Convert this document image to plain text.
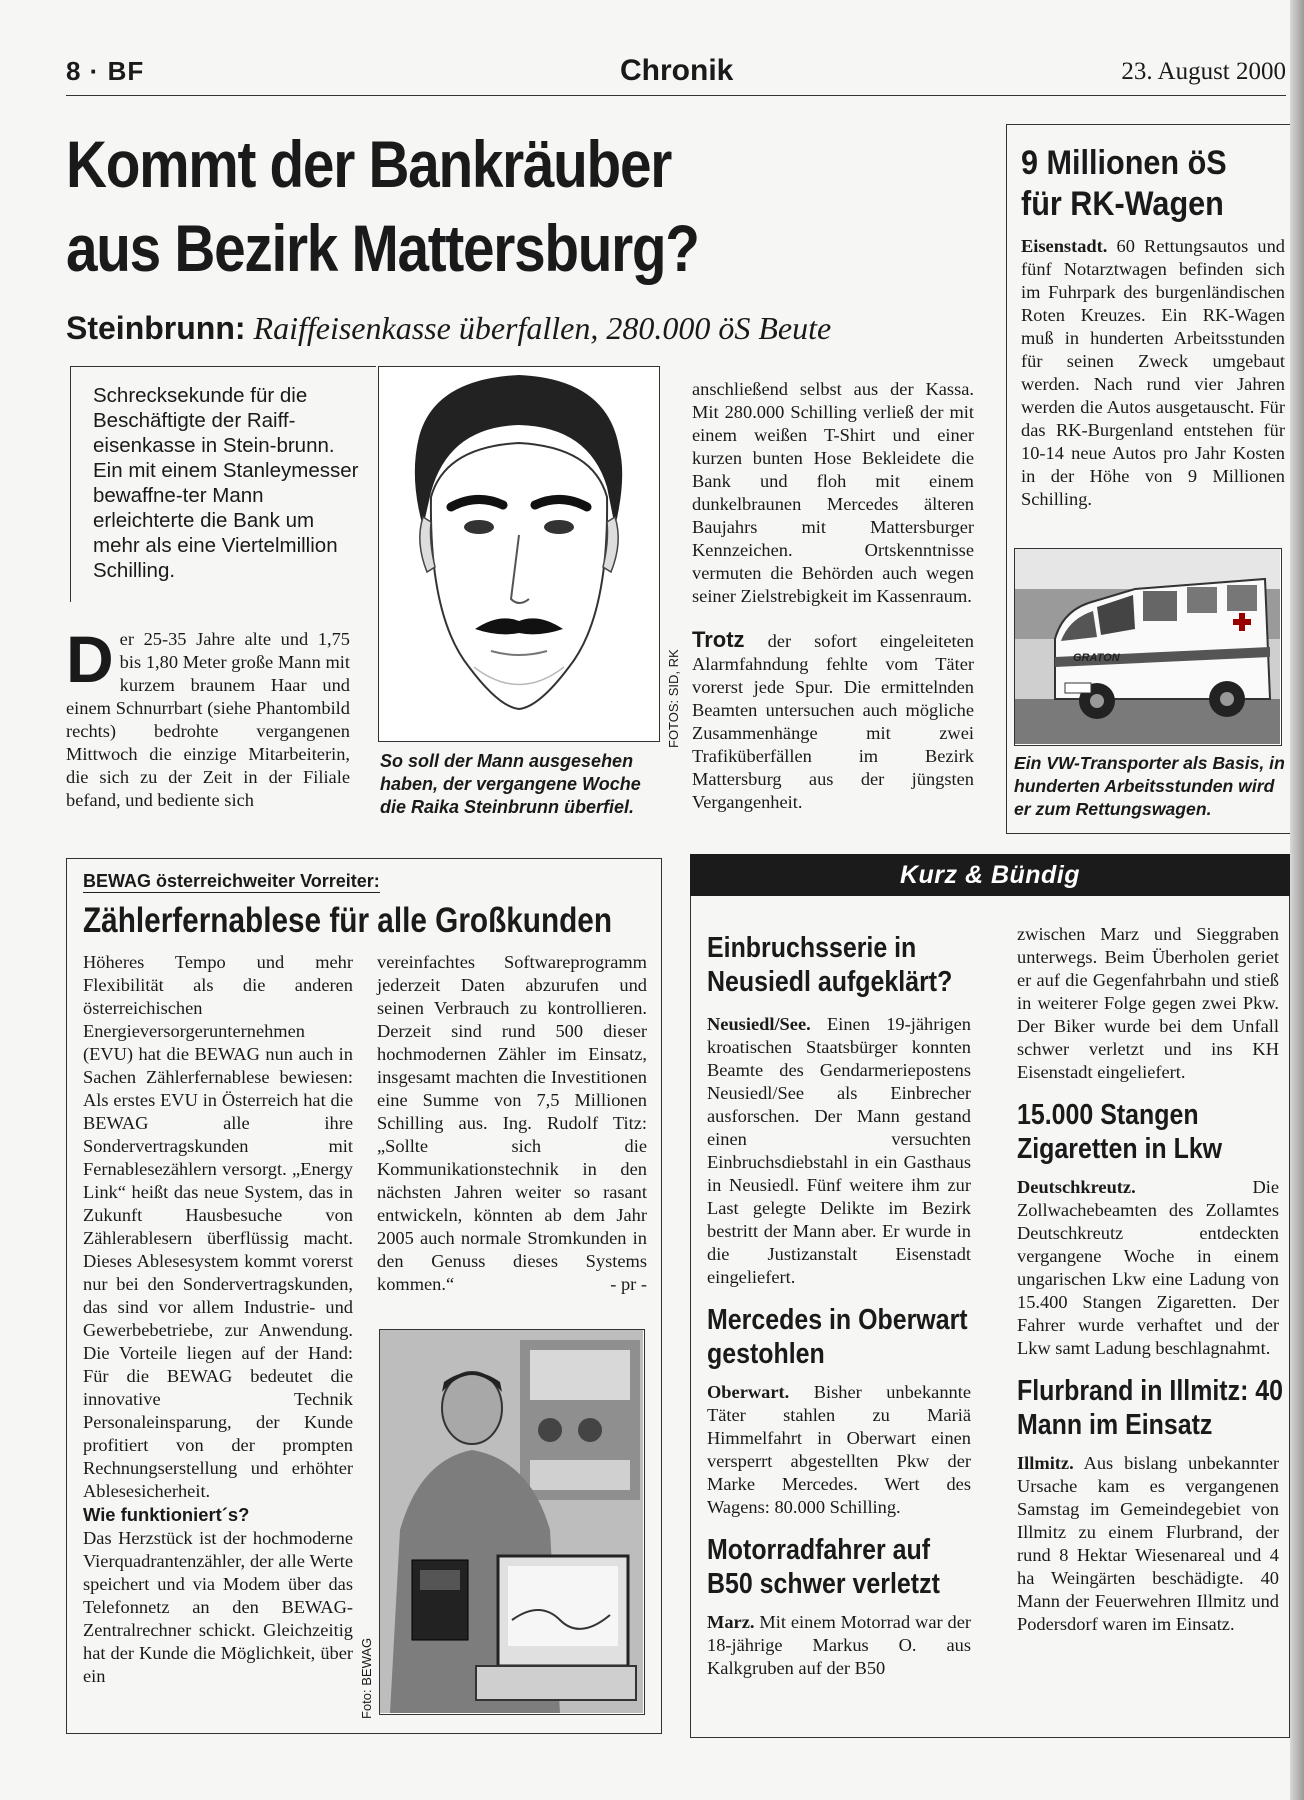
8 · BF	Chronik	23. August 2000
Kommt der Bankräuber
aus Bezirk Mattersburg?
Steinbrunn: Raiffeisenkasse überfallen, 280.000 öS Beute
Schrecksekunde für die Beschäftigte der Raiff-eisenkasse in Stein-brunn. Ein mit einem Stanleymesser bewaffne-ter Mann erleichterte die Bank um mehr als eine Viertelmillion Schilling.
Der 25-35 Jahre alte und 1,75 bis 1,80 Meter große Mann mit kurzem braunem Haar und einem Schnurrbart (siehe Phantombild rechts) bedrohte vergangenen Mittwoch die einzige Mitarbeiterin, die sich zu der Zeit in der Filiale befand, und bediente sich
FOTOS: SID, RK
So soll der Mann ausgesehen haben, der vergangene Woche die Raika Steinbrunn überfiel.
anschließend selbst aus der Kassa. Mit 280.000 Schilling verließ der mit einem weißen T-Shirt und einer kurzen bunten Hose Bekleidete die Bank und floh mit einem dunkelbraunen Mercedes älteren Baujahrs mit Mattersburger Kennzeichen. Ortskenntnisse vermuten die Behörden auch wegen seiner Zielstrebigkeit im Kassenraum.
Trotz der sofort eingeleiteten Alarmfahndung fehlte vom Täter vorerst jede Spur. Die ermittelnden Beamten untersuchen auch mögliche Zusammenhänge mit zwei Trafiküberfällen im Bezirk Mattersburg aus der jüngsten Vergangenheit.
9 Millionen öS für RK-Wagen
Eisenstadt. 60 Rettungsautos und fünf Notarztwagen befinden sich im Fuhrpark des burgenländischen Roten Kreuzes. Ein RK-Wagen muß in hunderten Arbeitsstunden für seinen Zweck umgebaut werden. Nach rund vier Jahren werden die Autos ausgetauscht. Für das RK-Burgenland entstehen für 10-14 neue Autos pro Jahr Kosten in der Höhe von 9 Millionen Schilling.
GRATON
Ein VW-Transporter als Basis, in hunderten Arbeitsstunden wird er zum Rettungswagen.
BEWAG österreichweiter Vorreiter:
Zählerfernablese für alle Großkunden
Höheres Tempo und mehr Flexibilität als die anderen österreichischen Energieversorgerunternehmen (EVU) hat die BEWAG nun auch in Sachen Zählerfernablese bewiesen: Als erstes EVU in Österreich hat die BEWAG alle ihre Sondervertragskunden mit Fernablesezählern versorgt. „Energy Link“ heißt das neue System, das in Zukunft Hausbesuche von Zählerablesern überflüssig macht. Dieses Ablesesystem kommt vorerst nur bei den Sondervertragskunden, das sind vor allem Industrie- und Gewerbebetriebe, zur Anwendung. Die Vorteile liegen auf der Hand: Für die BEWAG bedeutet die innovative Technik Personaleinsparung, der Kunde profitiert von der prompten Rechnungserstellung und erhöhter Ablesesicherheit.
Wie funktioniert´s?
Das Herzstück ist der hochmoderne Vierquadrantenzähler, der alle Werte speichert und via Modem über das Telefonnetz an den BEWAG-Zentralrechner schickt. Gleichzeitig hat der Kunde die Möglichkeit, über ein
vereinfachtes Softwareprogramm jederzeit Daten abzurufen und seinen Verbrauch zu kontrollieren. Derzeit sind rund 500 dieser hochmodernen Zähler im Einsatz, insgesamt machten die Investitionen eine Summe von 7,5 Millionen Schilling aus. Ing. Rudolf Titz: „Sollte sich die Kommunikationstechnik in den nächsten Jahren weiter so rasant entwickeln, könnten ab dem Jahr 2005 auch normale Stromkunden in den Genuss dieses Systems kommen.“	- pr -
Foto: BEWAG
Kurz & Bündig
Einbruchsserie in Neusiedl aufgeklärt?
Neusiedl/See. Einen 19-jährigen kroatischen Staatsbürger konnten Beamte des Gendarmeriepostens Neusiedl/See als Einbrecher ausforschen. Der Mann gestand einen versuchten Einbruchsdiebstahl in ein Gasthaus in Neusiedl. Fünf weitere ihm zur Last gelegte Delikte im Bezirk bestritt der Mann aber. Er wurde in die Justizanstalt Eisenstadt eingeliefert.
Mercedes in Oberwart gestohlen
Oberwart. Bisher unbekannte Täter stahlen zu Mariä Himmelfahrt in Oberwart einen versperrt abgestellten Pkw der Marke Mercedes. Wert des Wagens: 80.000 Schilling.
Motorradfahrer auf B50 schwer verletzt
Marz. Mit einem Motorrad war der 18-jährige Markus O. aus Kalkgruben auf der B50
zwischen Marz und Sieggraben unterwegs. Beim Überholen geriet er auf die Gegenfahrbahn und stieß in weiterer Folge gegen zwei Pkw. Der Biker wurde bei dem Unfall schwer verletzt und ins KH Eisenstadt eingeliefert.
15.000 Stangen Zigaretten in Lkw
Deutschkreutz. Die Zollwachebeamten des Zollamtes Deutschkreutz entdeckten vergangene Woche in einem ungarischen Lkw eine Ladung von 15.400 Stangen Zigaretten. Der Fahrer wurde verhaftet und der Lkw samt Ladung beschlagnahmt.
Flurbrand in Illmitz: 40 Mann im Einsatz
Illmitz. Aus bislang unbekannter Ursache kam es vergangenen Samstag im Gemeindegebiet von Illmitz zu einem Flurbrand, der rund 8 Hektar Wiesenareal und 4 ha Weingärten beschädigte. 40 Mann der Feuerwehren Illmitz und Podersdorf waren im Einsatz.
